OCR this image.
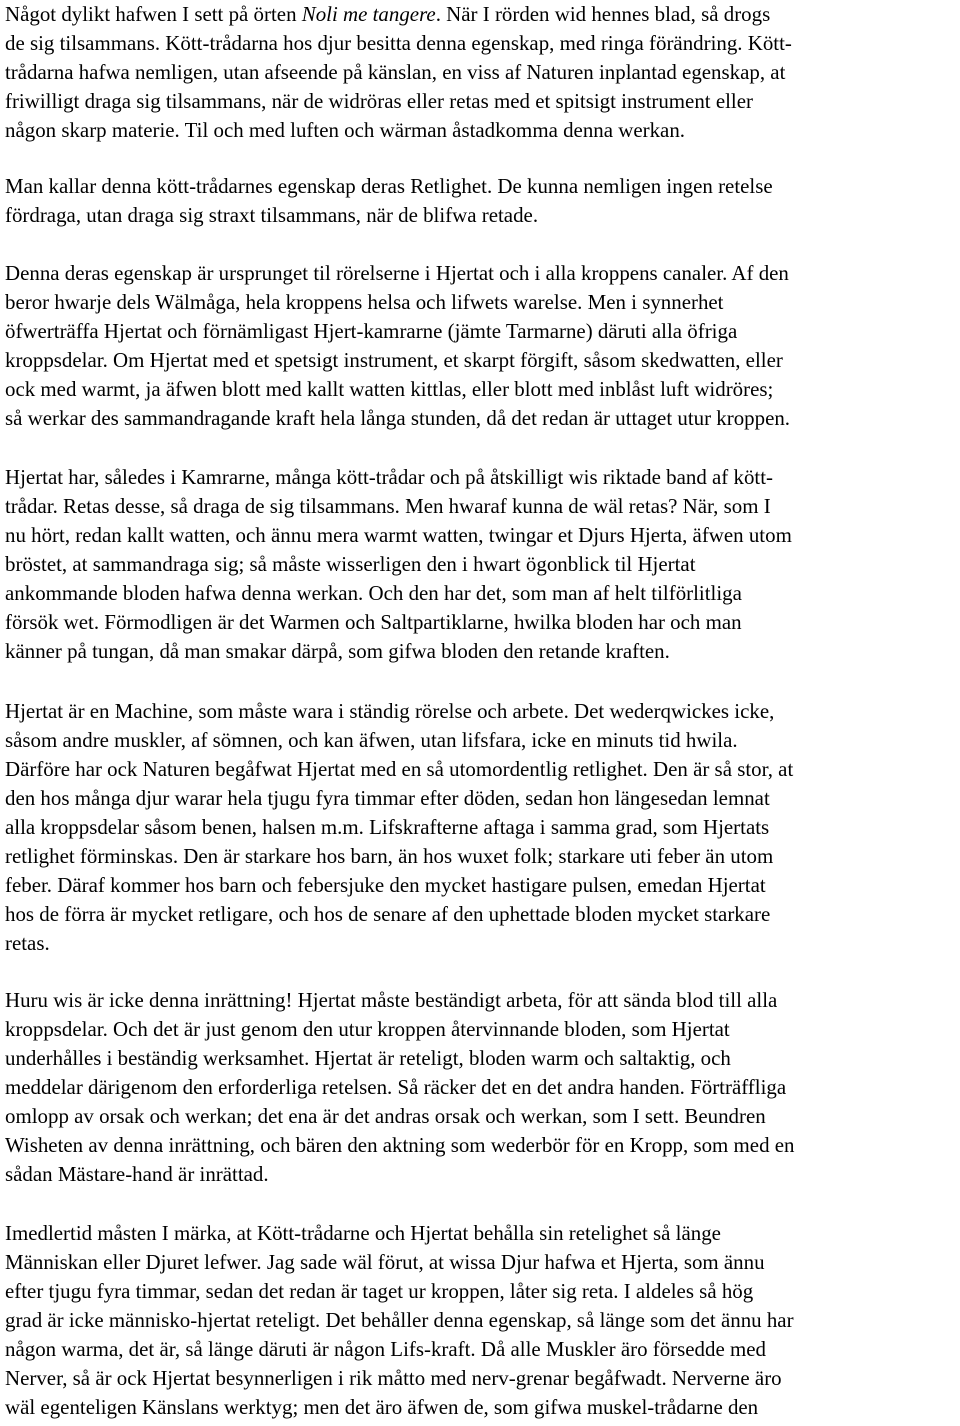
Något dylikt hafwen I sett på örten Noli me tangere. När I rörden wid hennes blad, så drogs
de sig tilsammans. Kött-trådarna hos djur besitta denna egenskap, med ringa förändring. Kött-
trådarna hafwa nemligen, utan afseende på känslan, en viss af Naturen inplantad egenskap, at
friwilligt draga sig tilsammans, när de widröras eller retas med et spitsigt instrument eller
någon skarp materie. Til och med luften och wärman åstadkomma denna werkan.
Man kallar denna kött-trådarnes egenskap deras Retlighet. De kunna nemligen ingen retelse
fördraga, utan draga sig straxt tilsammans, när de blifwa retade.
Denna deras egenskap är ursprunget til rörelserne i Hjertat och i alla kroppens canaler. Af den
beror hwarje dels Wälmåga, hela kroppens helsa och lifwets warelse. Men i synnerhet
öfwerträffa Hjertat och förnämligast Hjert-kamrarne (jämte Tarmarne) däruti alla öfriga
kroppsdelar. Om Hjertat med et spetsigt instrument, et skarpt förgift, såsom skedwatten, eller
ock med warmt, ja äfwen blott med kallt watten kittlas, eller blott med inblåst luft widröres;
så werkar des sammandragande kraft hela långa stunden, då det redan är uttaget utur kroppen.
Hjertat har, således i Kamrarne, många kött-trådar och på åtskilligt wis riktade band af kött-
trådar. Retas desse, så draga de sig tilsammans. Men hwaraf kunna de wäl retas? När, som I
nu hört, redan kallt watten, och ännu mera warmt watten, twingar et Djurs Hjerta, äfwen utom
bröstet, at sammandraga sig; så måste wisserligen den i hwart ögonblick til Hjertat
ankommande bloden hafwa denna werkan. Och den har det, som man af helt tilförlitliga
försök wet. Förmodligen är det Warmen och Saltpartiklarne, hwilka bloden har och man
känner på tungan, då man smakar därpå, som gifwa bloden den retande kraften.
Hjertat är en Machine, som måste wara i ständig rörelse och arbete. Det wederqwickes icke,
såsom andre muskler, af sömnen, och kan äfwen, utan lifsfara, icke en minuts tid hwila.
Därföre har ock Naturen begåfwat Hjertat med en så utomordentlig retlighet. Den är så stor, at
den hos många djur warar hela tjugu fyra timmar efter döden, sedan hon längesedan lemnat
alla kroppsdelar såsom benen, halsen m.m. Lifskrafterne aftaga i samma grad, som Hjertats
retlighet förminskas. Den är starkare hos barn, än hos wuxet folk; starkare uti feber än utom
feber. Däraf kommer hos barn och febersjuke den mycket hastigare pulsen, emedan Hjertat
hos de förra är mycket retligare, och hos de senare af den uphettade bloden mycket starkare
retas.
Huru wis är icke denna inrättning! Hjertat måste beständigt arbeta, för att sända blod till alla
kroppsdelar. Och det är just genom den utur kroppen återvinnande bloden, som Hjertat
underhålles i beständig werksamhet. Hjertat är reteligt, bloden warm och saltaktig, och
meddelar därigenom den erforderliga retelsen. Så räcker det en det andra handen. Förträffliga
omlopp av orsak och werkan; det ena är det andras orsak och werkan, som I sett. Beundren
Wisheten av denna inrättning, och bären den aktning som wederbör för en Kropp, som med en
sådan Mästare-hand är inrättad.
Imedlertid måsten I märka, at Kött-trådarne och Hjertat behålla sin retelighet så länge
Människan eller Djuret lefwer. Jag sade wäl förut, at wissa Djur hafwa et Hjerta, som ännu
efter tjugu fyra timmar, sedan det redan är taget ur kroppen, låter sig reta. I aldeles så hög
grad är icke människo-hjertat reteligt. Det behåller denna egenskap, så länge som det ännu har
någon warma, det är, så länge däruti är någon Lifs-kraft. Då alle Muskler äro försedde med
Nerver, så är ock Hjertat besynnerligen i rik måtto med nerv-grenar begåfwadt. Nerverne äro
wäl egenteligen Känslans werktyg; men det äro äfwen de, som gifwa muskel-trådarne den
